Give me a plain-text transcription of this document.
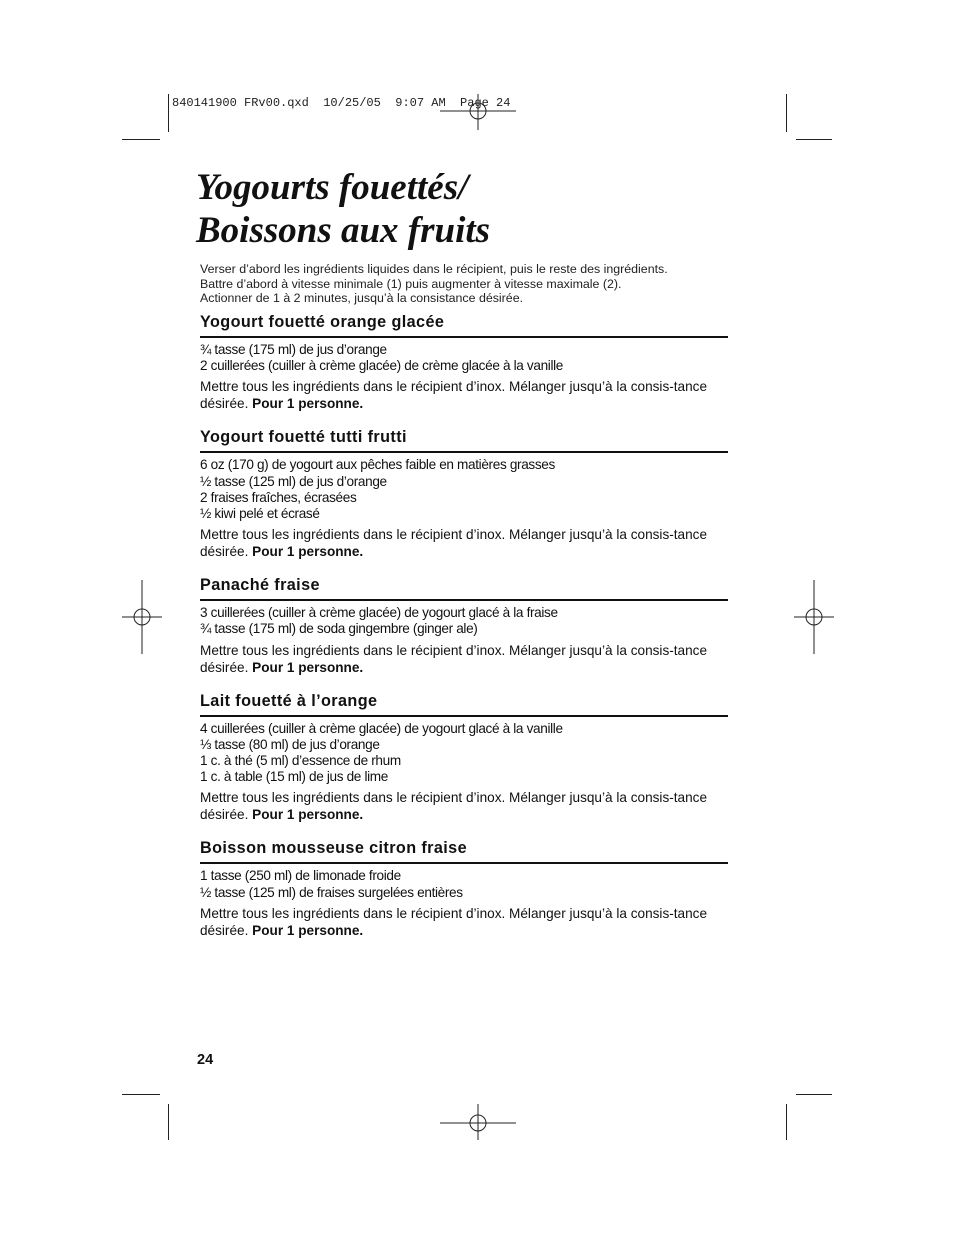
840141900 FRv00.qxd  10/25/05  9:07 AM  Page 24
Yogourts fouettés/
Boissons aux fruits
Verser d’abord les ingrédients liquides dans le récipient, puis le reste des ingrédients.
Battre d’abord à vitesse minimale (1) puis augmenter à vitesse maximale (2).
Actionner de 1 à 2 minutes, jusqu’à la consistance désirée.
Yogourt fouetté orange glacée
¾ tasse (175 ml) de jus d’orange
2 cuillerées (cuiller à crème glacée) de crème glacée à la vanille
Mettre tous les ingrédients dans le récipient d’inox. Mélanger jusqu’à la consis-tance désirée. Pour 1 personne.
Yogourt fouetté tutti frutti
6 oz (170 g) de yogourt aux pêches faible en matières grasses
½ tasse (125 ml) de jus d’orange
2 fraises fraîches, écrasées
½ kiwi pelé et écrasé
Mettre tous les ingrédients dans le récipient d’inox. Mélanger jusqu’à la consis-tance désirée. Pour 1 personne.
Panaché fraise
3 cuillerées (cuiller à crème glacée) de yogourt glacé à la fraise
¾ tasse (175 ml) de soda gingembre (ginger ale)
Mettre tous les ingrédients dans le récipient d’inox. Mélanger jusqu’à la consis-tance désirée. Pour 1 personne.
Lait fouetté à l’orange
4 cuillerées (cuiller à crème glacée) de yogourt glacé à la vanille
⅓ tasse (80 ml) de jus d’orange
1 c. à thé (5 ml) d’essence de rhum
1 c. à table (15 ml) de jus de lime
Mettre tous les ingrédients dans le récipient d’inox. Mélanger jusqu’à la consis-tance désirée. Pour 1 personne.
Boisson mousseuse citron fraise
1 tasse (250 ml) de limonade froide
½ tasse (125 ml) de fraises surgelées entières
Mettre tous les ingrédients dans le récipient d’inox. Mélanger jusqu’à la consis-tance désirée. Pour 1 personne.
24
